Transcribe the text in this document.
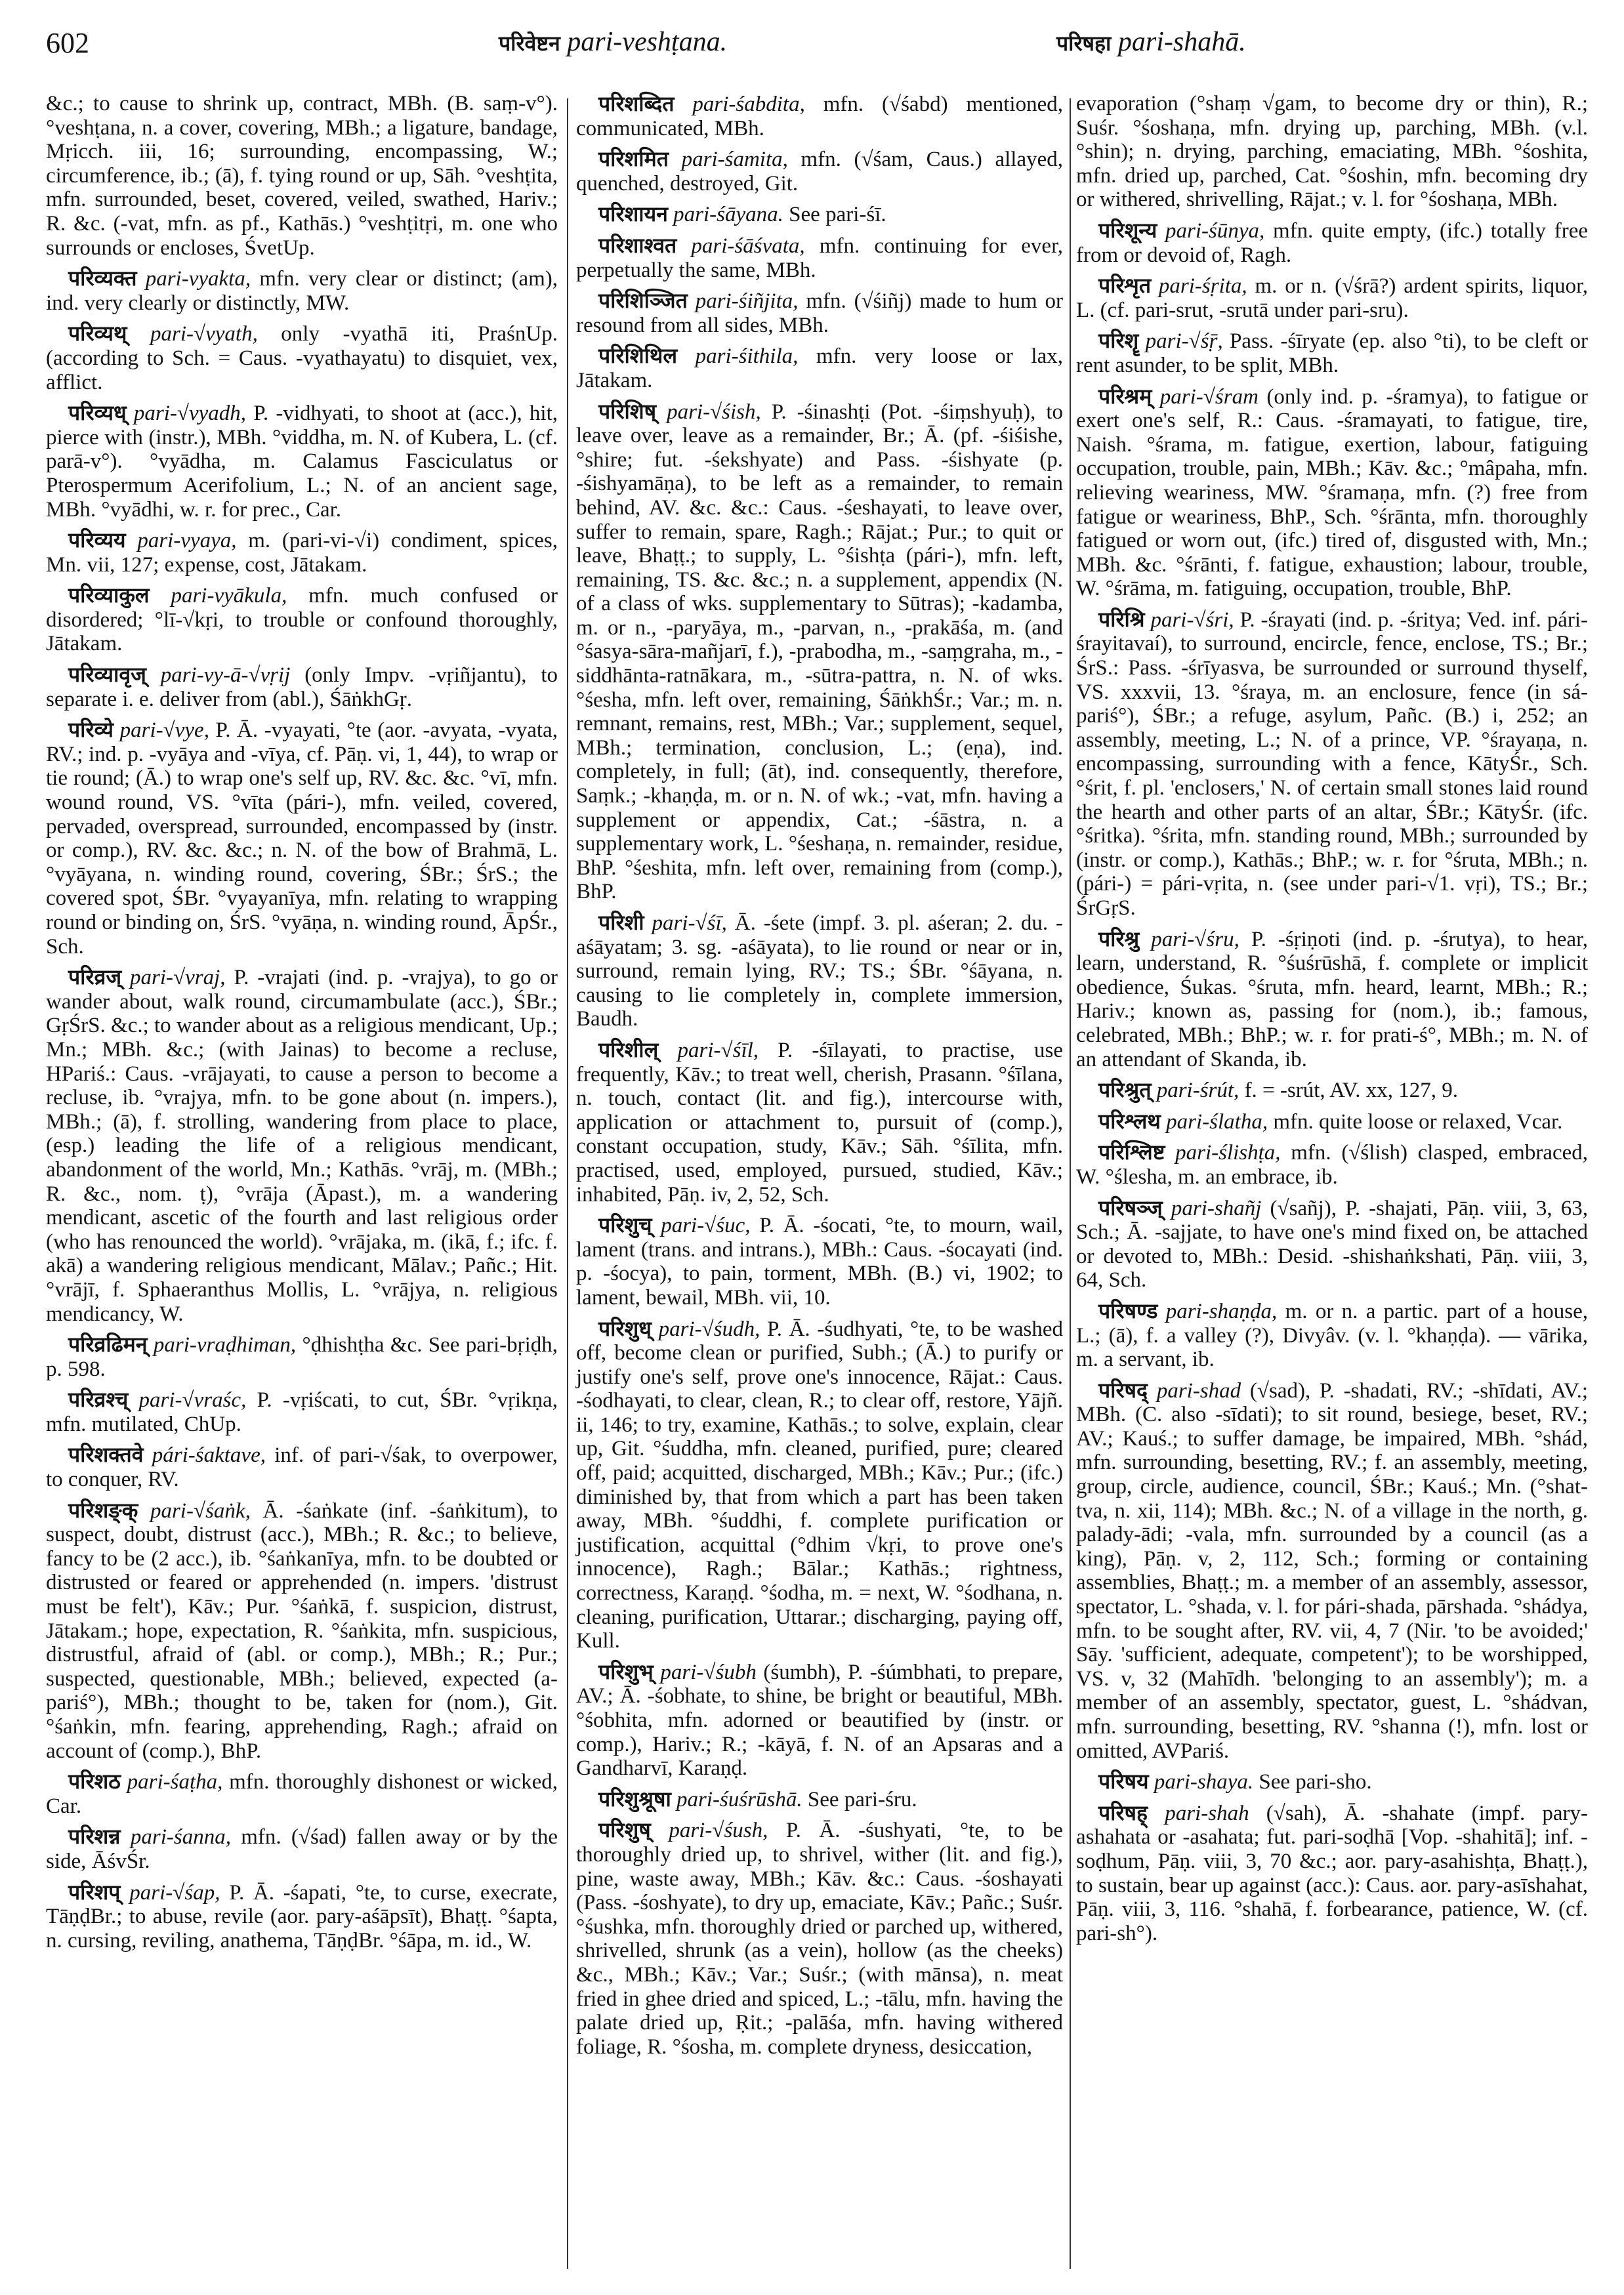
602	परिवेष्टन pari-veshṭana.	परिषहा pari-shahā.

&c.; to cause to shrink up, contract, MBh. (B. saṃ-v°). °veshṭana, n. a cover, covering, MBh.; a ligature, bandage, Mṛicch. iii, 16; surrounding, encompassing, W.; circumference, ib.; (ā), f. tying round or up, Sāh. °veshṭita, mfn. surrounded, beset, covered, veiled, swathed, Hariv.; R. &c. (-vat, mfn. as pf., Kathās.) °veshṭitṛi, m. one who surrounds or encloses, ŚvetUp.

परिव्यक्त pari-vyakta, mfn. very clear or distinct; (am), ind. very clearly or distinctly, MW.

परिव्यथ् pari-√vyath, only -vyathā iti, PraśnUp. (according to Sch. = Caus. -vyathayatu) to disquiet, vex, afflict.

परिव्यध् pari-√vyadh, P. -vidhyati, to shoot at (acc.), hit, pierce with (instr.), MBh. °viddha, m. N. of Kubera, L. (cf. parā-v°). °vyādha, m. Calamus Fasciculatus or Pterospermum Acerifolium, L.; N. of an ancient sage, MBh. °vyādhi, w. r. for prec., Car.

परिव्यय pari-vyaya, m. (pari-vi-√i) condiment, spices, Mn. vii, 127; expense, cost, Jātakam.

परिव्याकुल pari-vyākula, mfn. much confused or disordered; °lī-√kṛi, to trouble or confound thoroughly, Jātakam.

परिव्यावृज् pari-vy-ā-√vṛij (only Impv. -vṛiñjantu), to separate i. e. deliver from (abl.), ŚāṅkhGṛ.

परिव्ये pari-√vye, P. Ā. -vyayati, °te (aor. -avyata, -vyata, RV.; ind. p. -vyāya and -vīya, cf. Pāṇ. vi, 1, 44), to wrap or tie round; (Ā.) to wrap one's self up, RV. &c. &c. °vī, mfn. wound round, VS. °vīta (pári-), mfn. veiled, covered, pervaded, overspread, surrounded, encompassed by (instr. or comp.), RV. &c. &c.; n. N. of the bow of Brahmā, L. °vyāyana, n. winding round, covering, ŚBr.; ŚrS.; the covered spot, ŚBr. °vyayanīya, mfn. relating to wrapping round or binding on, ŚrS. °vyāṇa, n. winding round, ĀpŚr., Sch.

परिव्रज् pari-√vraj, P. -vrajati (ind. p. -vrajya), to go or wander about, walk round, circumambulate (acc.), ŚBr.; GṛŚrS. &c.; to wander about as a religious mendicant, Up.; Mn.; MBh. &c.; (with Jainas) to become a recluse, HPariś.: Caus. -vrājayati, to cause a person to become a recluse, ib. °vrajya, mfn. to be gone about (n. impers.), MBh.; (ā), f. strolling, wandering from place to place, (esp.) leading the life of a religious mendicant, abandonment of the world, Mn.; Kathās. °vrāj, m. (MBh.; R. &c., nom. ṭ), °vrāja (Āpast.), m. a wandering mendicant, ascetic of the fourth and last religious order (who has renounced the world). °vrājaka, m. (ikā, f.; ifc. f. akā) a wandering religious mendicant, Mālav.; Pañc.; Hit. °vrājī, f. Sphaeranthus Mollis, L. °vrājya, n. religious mendicancy, W.

परिव्रढिमन् pari-vraḍhiman, °ḍhishṭha &c. See pari-bṛiḍh, p. 598.

परिव्रश्च् pari-√vraśc, P. -vṛiścati, to cut, ŚBr. °vṛikṇa, mfn. mutilated, ChUp.

परिशक्तवे pári-śaktave, inf. of pari-√śak, to overpower, to conquer, RV.

परिशङ्क् pari-√śaṅk, Ā. -śaṅkate (inf. -śaṅkitum), to suspect, doubt, distrust (acc.), MBh.; R. &c.; to believe, fancy to be (2 acc.), ib. °śaṅkanīya, mfn. to be doubted or distrusted or feared or apprehended (n. impers. 'distrust must be felt'), Kāv.; Pur. °śaṅkā, f. suspicion, distrust, Jātakam.; hope, expectation, R. °śaṅkita, mfn. suspicious, distrustful, afraid of (abl. or comp.), MBh.; R.; Pur.; suspected, questionable, MBh.; believed, expected (a-pariś°), MBh.; thought to be, taken for (nom.), Git. °śaṅkin, mfn. fearing, apprehending, Ragh.; afraid on account of (comp.), BhP.

परिशठ pari-śaṭha, mfn. thoroughly dishonest or wicked, Car.

परिशन्न pari-śanna, mfn. (√śad) fallen away or by the side, ĀśvŚr.

परिशप् pari-√śap, P. Ā. -śapati, °te, to curse, execrate, TāṇḍBr.; to abuse, revile (aor. pary-aśāpsīt), Bhaṭṭ. °śapta, n. cursing, reviling, anathema, TāṇḍBr. °śāpa, m. id., W.

परिशब्दित pari-śabdita, mfn. (√śabd) mentioned, communicated, MBh.

परिशमित pari-śamita, mfn. (√śam, Caus.) allayed, quenched, destroyed, Git.

परिशायन pari-śāyana. See pari-śī.

परिशाश्वत pari-śāśvata, mfn. continuing for ever, perpetually the same, MBh.

परिशिञ्जित pari-śiñjita, mfn. (√śiñj) made to hum or resound from all sides, MBh.

परिशिथिल pari-śithila, mfn. very loose or lax, Jātakam.

परिशिष् pari-√śish, P. -śinashṭi (Pot. -śiṃshyuḥ), to leave over, leave as a remainder, Br.; Ā. (pf. -śiśishe, °shire; fut. -śekshyate) and Pass. -śishyate (p. -śishyamāṇa), to be left as a remainder, to remain behind, AV. &c. &c.: Caus. -śeshayati, to leave over, suffer to remain, spare, Ragh.; Rājat.; Pur.; to quit or leave, Bhaṭṭ.; to supply, L. °śishṭa (pári-), mfn. left, remaining, TS. &c. &c.; n. a supplement, appendix (N. of a class of wks. supplementary to Sūtras); -kadamba, m. or n., -paryāya, m., -parvan, n., -prakāśa, m. (and °śasya-sāra-mañjarī, f.), -prabodha, m., -saṃgraha, m., -siddhānta-ratnākara, m., -sūtra-pattra, n. N. of wks. °śesha, mfn. left over, remaining, ŚāṅkhŚr.; Var.; m. n. remnant, remains, rest, MBh.; Var.; supplement, sequel, MBh.; termination, conclusion, L.; (eṇa), ind. completely, in full; (āt), ind. consequently, therefore, Saṃk.; -khaṇḍa, m. or n. N. of wk.; -vat, mfn. having a supplement or appendix, Cat.; -śāstra, n. a supplementary work, L. °śeshaṇa, n. remainder, residue, BhP. °śeshita, mfn. left over, remaining from (comp.), BhP.

परिशी pari-√śī, Ā. -śete (impf. 3. pl. aśeran; 2. du. -aśāyatam; 3. sg. -aśāyata), to lie round or near or in, surround, remain lying, RV.; TS.; ŚBr. °śāyana, n. causing to lie completely in, complete immersion, Baudh.

परिशील् pari-√śīl, P. -śīlayati, to practise, use frequently, Kāv.; to treat well, cherish, Prasann. °śīlana, n. touch, contact (lit. and fig.), intercourse with, application or attachment to, pursuit of (comp.), constant occupation, study, Kāv.; Sāh. °śīlita, mfn. practised, used, employed, pursued, studied, Kāv.; inhabited, Pāṇ. iv, 2, 52, Sch.

परिशुच् pari-√śuc, P. Ā. -śocati, °te, to mourn, wail, lament (trans. and intrans.), MBh.: Caus. -śocayati (ind. p. -śocya), to pain, torment, MBh. (B.) vi, 1902; to lament, bewail, MBh. vii, 10.

परिशुध् pari-√śudh, P. Ā. -śudhyati, °te, to be washed off, become clean or purified, Subh.; (Ā.) to purify or justify one's self, prove one's innocence, Rājat.: Caus. -śodhayati, to clear, clean, R.; to clear off, restore, Yājñ. ii, 146; to try, examine, Kathās.; to solve, explain, clear up, Git. °śuddha, mfn. cleaned, purified, pure; cleared off, paid; acquitted, discharged, MBh.; Kāv.; Pur.; (ifc.) diminished by, that from which a part has been taken away, MBh. °śuddhi, f. complete purification or justification, acquittal (°dhim √kṛi, to prove one's innocence), Ragh.; Bālar.; Kathās.; rightness, correctness, Karaṇḍ. °śodha, m. = next, W. °śodhana, n. cleaning, purification, Uttarar.; discharging, paying off, Kull.

परिशुभ् pari-√śubh (śumbh), P. -śúmbhati, to prepare, AV.; Ā. -śobhate, to shine, be bright or beautiful, MBh. °śobhita, mfn. adorned or beautified by (instr. or comp.), Hariv.; R.; -kāyā, f. N. of an Apsaras and a Gandharvī, Karaṇḍ.

परिशुश्रूषा pari-śuśrūshā. See pari-śru.

परिशुष् pari-√śush, P. Ā. -śushyati, °te, to be thoroughly dried up, to shrivel, wither (lit. and fig.), pine, waste away, MBh.; Kāv. &c.: Caus. -śoshayati (Pass. -śoshyate), to dry up, emaciate, Kāv.; Pañc.; Suśr. °śushka, mfn. thoroughly dried or parched up, withered, shrivelled, shrunk (as a vein), hollow (as the cheeks) &c., MBh.; Kāv.; Var.; Suśr.; (with mānsa), n. meat fried in ghee dried and spiced, L.; -tālu, mfn. having the palate dried up, Ṛit.; -palāśa, mfn. having withered foliage, R. °śosha, m. complete dryness, desiccation,

evaporation (°shaṃ √gam, to become dry or thin), R.; Suśr. °śoshaṇa, mfn. drying up, parching, MBh. (v.l. °shin); n. drying, parching, emaciating, MBh. °śoshita, mfn. dried up, parched, Cat. °śoshin, mfn. becoming dry or withered, shrivelling, Rājat.; v. l. for °śoshaṇa, MBh.

परिशून्य pari-śūnya, mfn. quite empty, (ifc.) totally free from or devoid of, Ragh.

परिशृत pari-śṛita, m. or n. (√śrā?) ardent spirits, liquor, L. (cf. pari-srut, -srutā under pari-sru).

परिशॄ pari-√śṝ, Pass. -śīryate (ep. also °ti), to be cleft or rent asunder, to be split, MBh.

परिश्रम् pari-√śram (only ind. p. -śramya), to fatigue or exert one's self, R.: Caus. -śramayati, to fatigue, tire, Naish. °śrama, m. fatigue, exertion, labour, fatiguing occupation, trouble, pain, MBh.; Kāv. &c.; °mâpaha, mfn. relieving weariness, MW. °śramaṇa, mfn. (?) free from fatigue or weariness, BhP., Sch. °śrānta, mfn. thoroughly fatigued or worn out, (ifc.) tired of, disgusted with, Mn.; MBh. &c. °śrānti, f. fatigue, exhaustion; labour, trouble, W. °śrāma, m. fatiguing, occupation, trouble, BhP.

परिश्रि pari-√śri, P. -śrayati (ind. p. -śritya; Ved. inf. pári-śrayitavaí), to surround, encircle, fence, enclose, TS.; Br.; ŚrS.: Pass. -śrīyasva, be surrounded or surround thyself, VS. xxxvii, 13. °śraya, m. an enclosure, fence (in sá-pariś°), ŚBr.; a refuge, asylum, Pañc. (B.) i, 252; an assembly, meeting, L.; N. of a prince, VP. °śrayaṇa, n. encompassing, surrounding with a fence, KātyŚr., Sch. °śrit, f. pl. 'enclosers,' N. of certain small stones laid round the hearth and other parts of an altar, ŚBr.; KātyŚr. (ifc. °śritka). °śrita, mfn. standing round, MBh.; surrounded by (instr. or comp.), Kathās.; BhP.; w. r. for °śruta, MBh.; n. (pári-) = pári-vṛita, n. (see under pari-√1. vṛi), TS.; Br.; ŚrGṛS.

परिश्रु pari-√śru, P. -śṛiṇoti (ind. p. -śrutya), to hear, learn, understand, R. °śuśrūshā, f. complete or implicit obedience, Śukas. °śruta, mfn. heard, learnt, MBh.; R.; Hariv.; known as, passing for (nom.), ib.; famous, celebrated, MBh.; BhP.; w. r. for prati-ś°, MBh.; m. N. of an attendant of Skanda, ib.

परिश्रुत् pari-śrút, f. = -srút, AV. xx, 127, 9.

परिश्लथ pari-ślatha, mfn. quite loose or relaxed, Vcar.

परिश्लिष्ट pari-ślishṭa, mfn. (√ślish) clasped, embraced, W. °ślesha, m. an embrace, ib.

परिषञ्ज् pari-shañj (√sañj), P. -shajati, Pāṇ. viii, 3, 63, Sch.; Ā. -sajjate, to have one's mind fixed on, be attached or devoted to, MBh.: Desid. -shishaṅkshati, Pāṇ. viii, 3, 64, Sch.

परिषण्ड pari-shaṇḍa, m. or n. a partic. part of a house, L.; (ā), f. a valley (?), Divyâv. (v. l. °khaṇḍa). — vārika, m. a servant, ib.

परिषद् pari-shad (√sad), P. -shadati, RV.; -shīdati, AV.; MBh. (C. also -sīdati); to sit round, besiege, beset, RV.; AV.; Kauś.; to suffer damage, be impaired, MBh. °shád, mfn. surrounding, besetting, RV.; f. an assembly, meeting, group, circle, audience, council, ŚBr.; Kauś.; Mn. (°shat-tva, n. xii, 114); MBh. &c.; N. of a village in the north, g. palady-ādi; -vala, mfn. surrounded by a council (as a king), Pāṇ. v, 2, 112, Sch.; forming or containing assemblies, Bhaṭṭ.; m. a member of an assembly, assessor, spectator, L. °shada, v. l. for pári-shada, pārshada. °shádya, mfn. to be sought after, RV. vii, 4, 7 (Nir. 'to be avoided;' Sāy. 'sufficient, adequate, competent'); to be worshipped, VS. v, 32 (Mahīdh. 'belonging to an assembly'); m. a member of an assembly, spectator, guest, L. °shádvan, mfn. surrounding, besetting, RV. °shanna (!), mfn. lost or omitted, AVPariś.

परिषय pari-shaya. See pari-sho.

परिषह् pari-shah (√sah), Ā. -shahate (impf. pary-ashahata or -asahata; fut. pari-soḍhā [Vop. -shahitā]; inf. -soḍhum, Pāṇ. viii, 3, 70 &c.; aor. pary-asahishṭa, Bhaṭṭ.), to sustain, bear up against (acc.): Caus. aor. pary-asīshahat, Pāṇ. viii, 3, 116. °shahā, f. forbearance, patience, W. (cf. pari-sh°).
